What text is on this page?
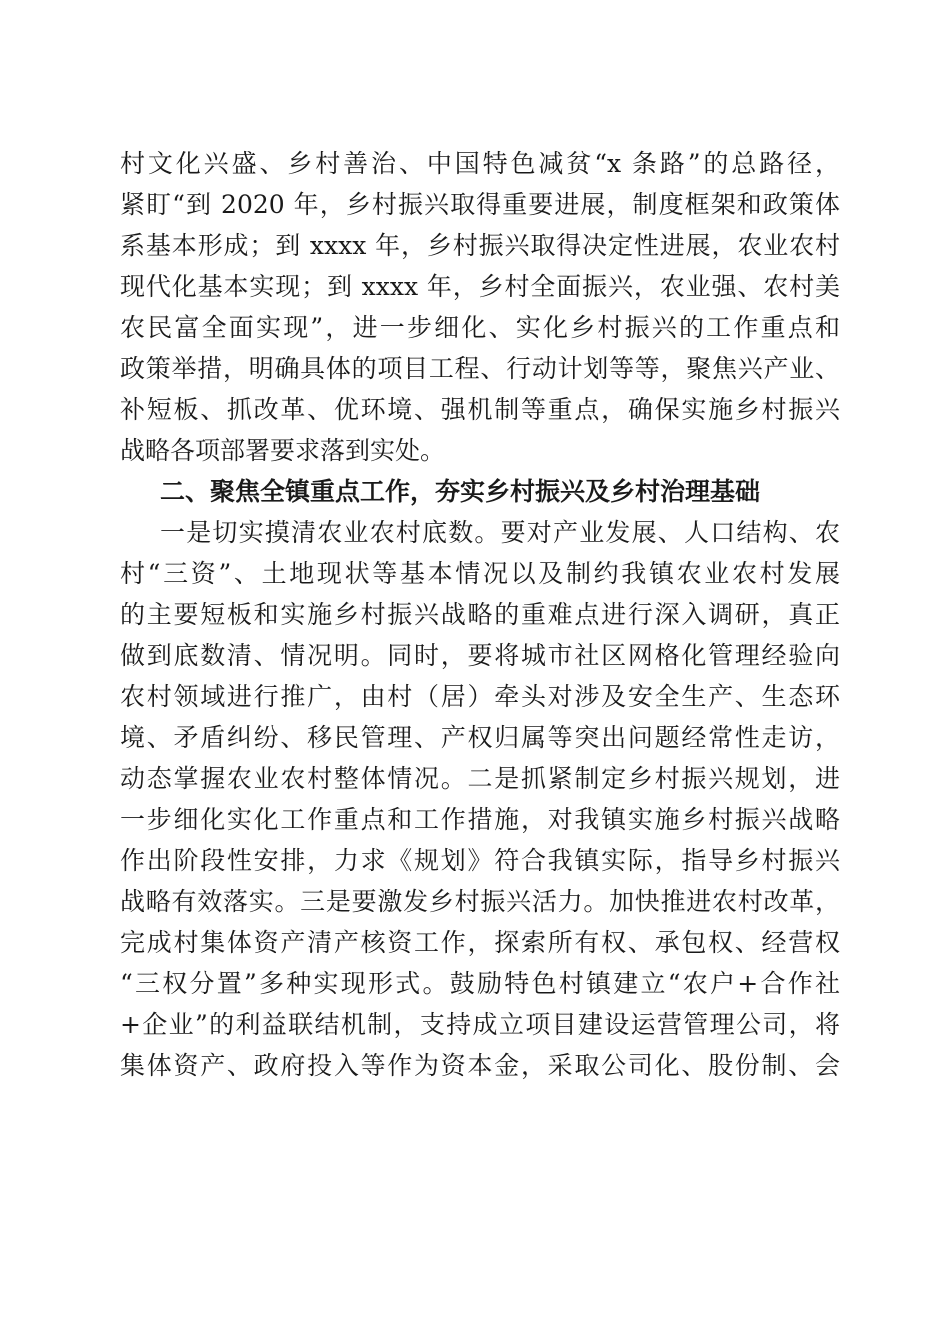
村文化兴盛、乡村善治、中国特色减贫“x 条路”的总路径，
紧盯“到 2020 年，乡村振兴取得重要进展，制度框架和政策体
系基本形成；到 xxxx 年，乡村振兴取得决定性进展，农业农村
现代化基本实现；到 xxxx 年，乡村全面振兴，农业强、农村美
农民富全面实现”，进一步细化、实化乡村振兴的工作重点和
政策举措，明确具体的项目工程、行动计划等等，聚焦兴产业、
补短板、抓改革、优环境、强机制等重点，确保实施乡村振兴
战略各项部署要求落到实处。
二、聚焦全镇重点工作，夯实乡村振兴及乡村治理基础
一是切实摸清农业农村底数。要对产业发展、人口结构、农
村“三资”、土地现状等基本情况以及制约我镇农业农村发展
的主要短板和实施乡村振兴战略的重难点进行深入调研，真正
做到底数清、情况明。同时，要将城市社区网格化管理经验向
农村领域进行推广，由村（居）牵头对涉及安全生产、生态环
境、矛盾纠纷、移民管理、产权归属等突出问题经常性走访，
动态掌握农业农村整体情况。二是抓紧制定乡村振兴规划，进
一步细化实化工作重点和工作措施，对我镇实施乡村振兴战略
作出阶段性安排，力求《规划》符合我镇实际，指导乡村振兴
战略有效落实。三是要激发乡村振兴活力。加快推进农村改革，
完成村集体资产清产核资工作，探索所有权、承包权、经营权
“三权分置”多种实现形式。鼓励特色村镇建立“农户+合作社
+企业”的利益联结机制，支持成立项目建设运营管理公司，将
集体资产、政府投入等作为资本金，采取公司化、股份制、会
